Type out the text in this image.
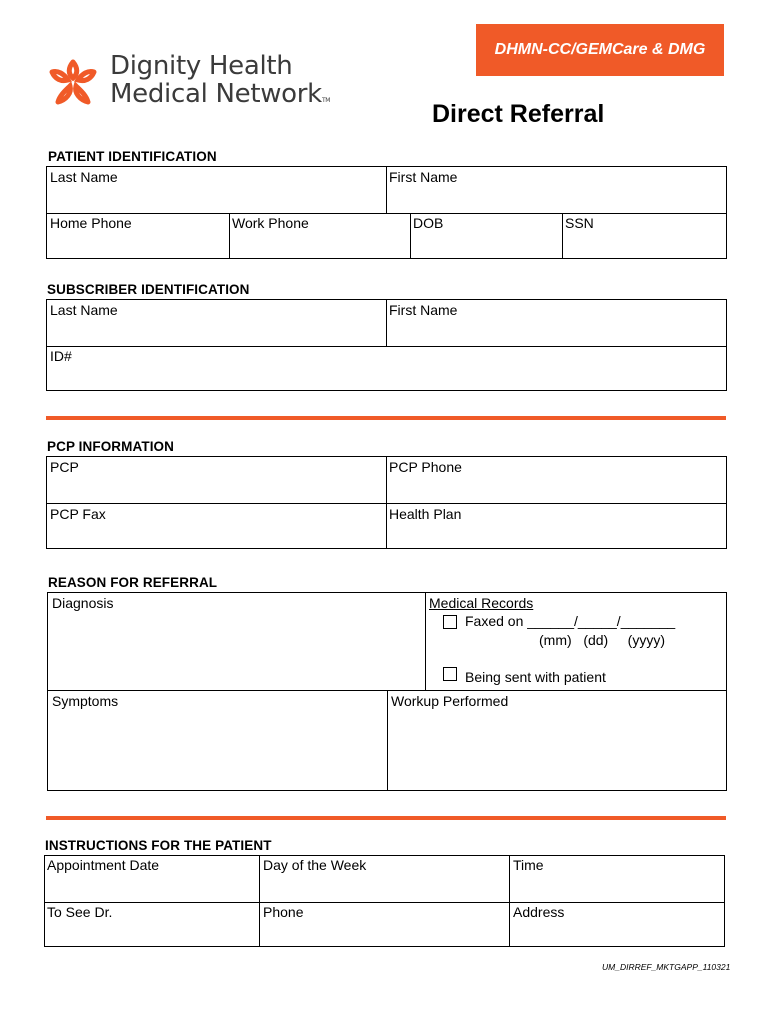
Dignity Health
Medical NetworkTM
DHMN-CC/GEMCare & DMG
Direct Referral
PATIENT IDENTIFICATION
Last Name	First Name
Home Phone	Work Phone	DOB	SSN
SUBSCRIBER IDENTIFICATION
Last Name	First Name
ID#
PCP INFORMATION
PCP	PCP Phone
PCP Fax	Health Plan
REASON FOR REFERRAL
Diagnosis	Medical Records
Faxed on ______/_____/_______
(mm)   (dd)     (yyyy)
Being sent with patient
Symptoms	Workup Performed
INSTRUCTIONS FOR THE PATIENT
Appointment Date	Day of the Week	Time
To See Dr.	Phone	Address
UM_DIRREF_MKTGAPP_110321
